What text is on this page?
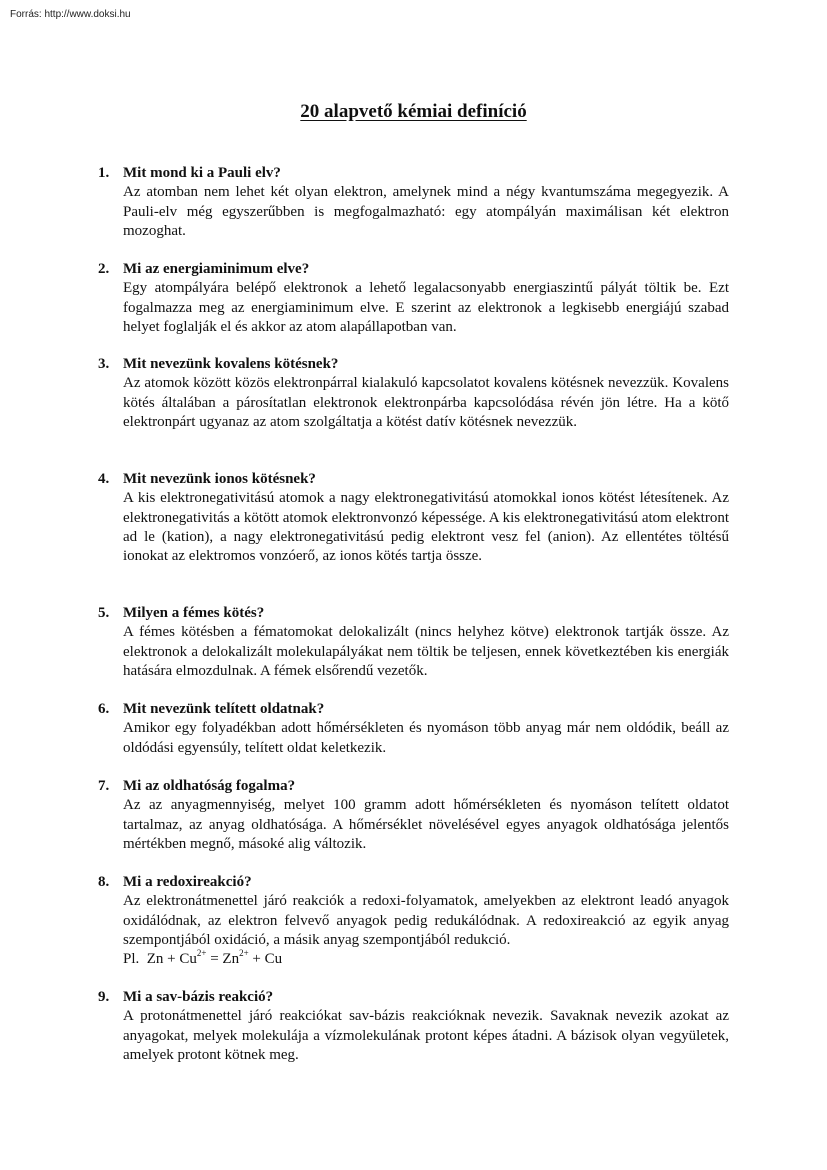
Forrás: http://www.doksi.hu
20 alapvető kémiai definíció
1. Mit mond ki a Pauli elv?
Az atomban nem lehet két olyan elektron, amelynek mind a négy kvantumszáma megegyezik. A Pauli-elv még egyszerűbben is megfogalmazható: egy atompályán maximálisan két elektron mozoghat.
2. Mi az energiaminimum elve?
Egy atompályára belépő elektronok a lehető legalacsonyabb energiaszintű pályát töltik be. Ezt fogalmazza meg az energiaminimum elve. E szerint az elektronok a legkisebb energiájú szabad helyet foglalják el és akkor az atom alapállapotban van.
3. Mit nevezünk kovalens kötésnek?
Az atomok között közös elektronpárral kialakuló kapcsolatot kovalens kötésnek nevezzük. Kovalens kötés általában a párosítatlan elektronok elektronpárba kapcsolódása révén jön létre. Ha a kötő elektronpárt ugyanaz az atom szolgáltatja a kötést datív kötésnek nevezzük.
4. Mit nevezünk ionos kötésnek?
A kis elektronegativitású atomok a nagy elektronegativitású atomokkal ionos kötést létesítenek. Az elektronegativitás a kötött atomok elektronvonzó képessége. A kis elektronegativitású atom elektront ad le (kation), a nagy elektronegativitású pedig elektront vesz fel (anion). Az ellentétes töltésű ionokat az elektromos vonzóerő, az ionos kötés tartja össze.
5. Milyen a fémes kötés?
A fémes kötésben a fématomokat delokalizált (nincs helyhez kötve) elektronok tartják össze. Az elektronok a delokalizált molekulapályákat nem töltik be teljesen, ennek következtében kis energiák hatására elmozdulnak. A fémek elsőrendű vezetők.
6. Mit nevezünk telített oldatnak?
Amikor egy folyadékban adott hőmérsékleten és nyomáson több anyag már nem oldódik, beáll az oldódási egyensúly, telített oldat keletkezik.
7. Mi az oldhatóság fogalma?
Az az anyagmennyiség, melyet 100 gramm adott hőmérsékleten és nyomáson telített oldatot tartalmaz, az anyag oldhatósága. A hőmérséklet növelésével egyes anyagok oldhatósága jelentős mértékben megnő, másoké alig változik.
8. Mi a redoxireakció?
Az elektronátmenettel járó reakciók a redoxi-folyamatok, amelyekben az elektront leadó anyagok oxidálódnak, az elektron felvevő anyagok pedig redukálódnak. A redoxireakció az egyik anyag szempontjából oxidáció, a másik anyag szempontjából redukció.
Pl.  $Zn + Cu^{2+} = Zn^{2+} + Cu$
9. Mi a sav-bázis reakció?
A protonátmenettel járó reakciókat sav-bázis reakcióknak nevezik. Savaknak nevezik azokat az anyagokat, melyek molekulája a vízmolekulának protont képes átadni. A bázisok olyan vegyületek, amelyek protont kötnek meg.
